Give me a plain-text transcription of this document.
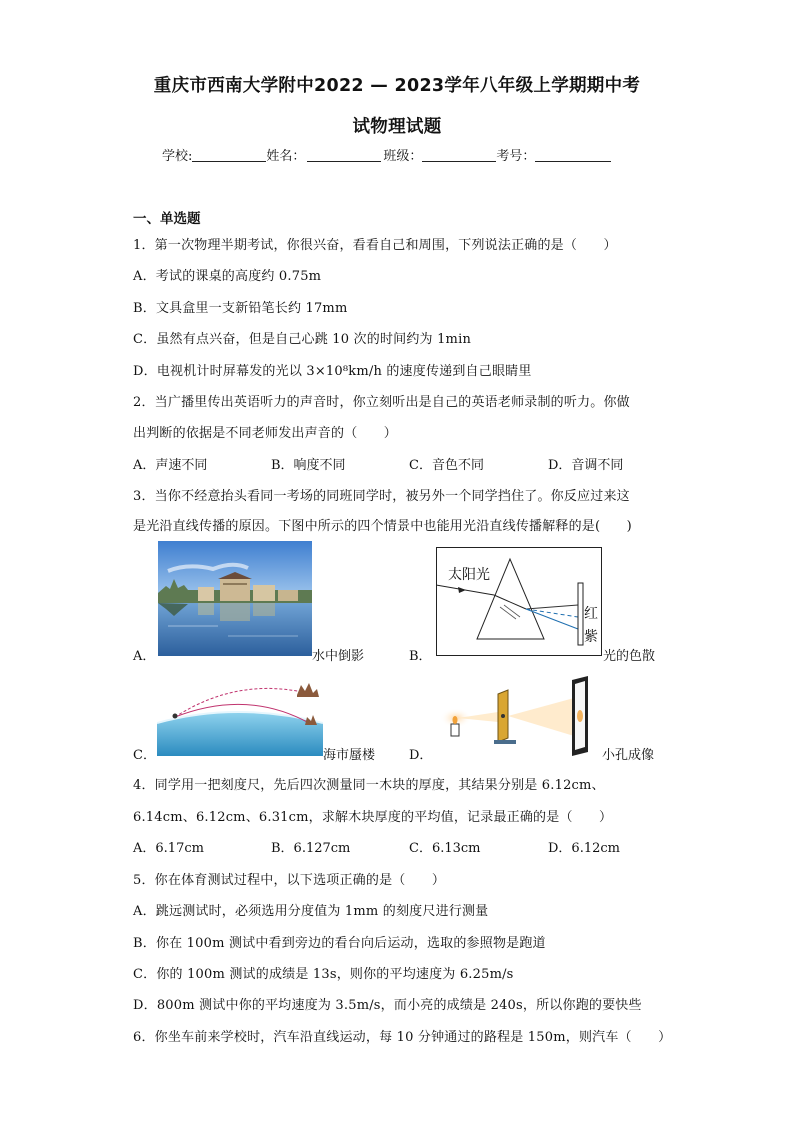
重庆市西南大学附中2022 — 2023学年八年级上学期期中考
试物理试题
学校:	姓名：	班级：	考号：
一、单选题
1．第一次物理半期考试，你很兴奋，看看自己和周围，下列说法正确的是（　　）
A．考试的课桌的高度约 0.75m
B．文具盒里一支新铅笔长约 17mm
C．虽然有点兴奋，但是自己心跳 10 次的时间约为 1min
D．电视机计时屏幕发的光以 3×10⁸km/h 的速度传递到自己眼睛里
2．当广播里传出英语听力的声音时，你立刻听出是自己的英语老师录制的听力。你做
出判断的依据是不同老师发出声音的（　　）
A．声速不同	B．响度不同	C．音色不同	D．音调不同
3．当你不经意抬头看同一考场的同班同学时，被另外一个同学挡住了。你反应过来这
是光沿直线传播的原因。下图中所示的四个情景中也能用光沿直线传播解释的是(　　)
A．	水中倒影	B．
太阳光
红
紫
光的色散
C．	海市蜃楼	D．	小孔成像
4．同学用一把刻度尺，先后四次测量同一木块的厚度，其结果分别是 6.12cm、
6.14cm、6.12cm、6.31cm，求解木块厚度的平均值，记录最正确的是（　　）
A．6.17cm	B．6.127cm	C．6.13cm	D．6.12cm
5．你在体育测试过程中，以下选项正确的是（　　）
A．跳远测试时，必须选用分度值为 1mm 的刻度尺进行测量
B．你在 100m 测试中看到旁边的看台向后运动，选取的参照物是跑道
C．你的 100m 测试的成绩是 13s，则你的平均速度为 6.25m/s
D．800m 测试中你的平均速度为 3.5m/s，而小亮的成绩是 240s，所以你跑的要快些
6．你坐车前来学校时，汽车沿直线运动，每 10 分钟通过的路程是 150m，则汽车（　　）
